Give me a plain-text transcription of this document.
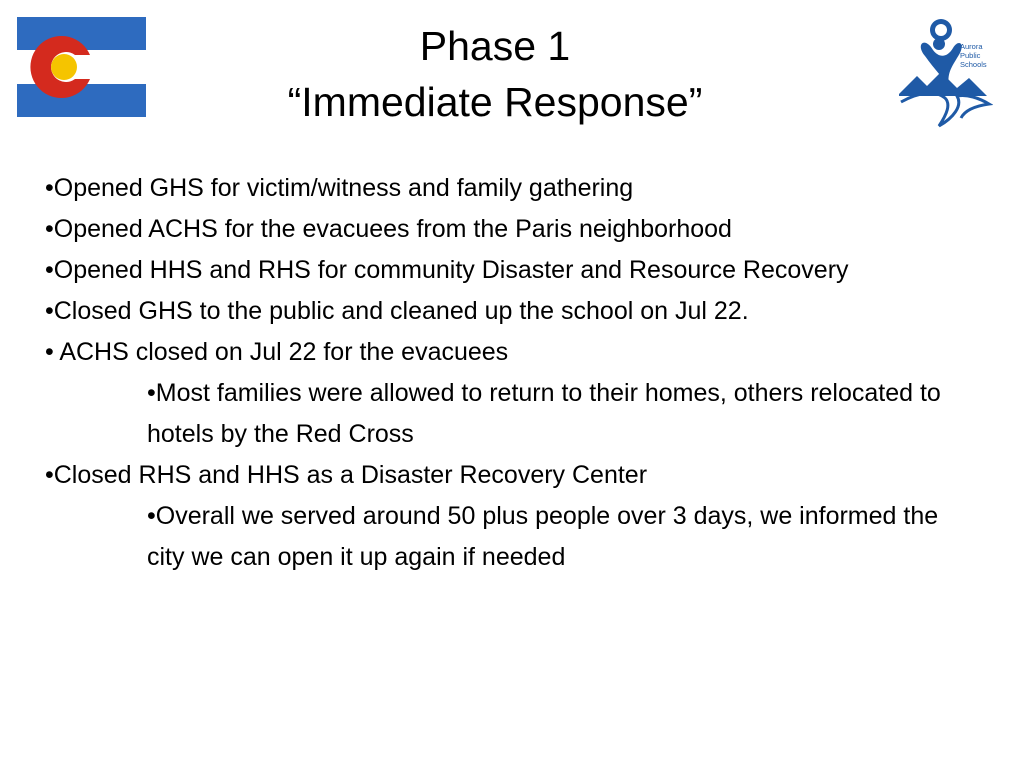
Aurora
Public
Schools
Phase 1
“Immediate Response”
•Opened GHS for victim/witness and family gathering
•Opened ACHS for the evacuees from the Paris neighborhood
•Opened HHS and RHS for community Disaster and Resource Recovery
•Closed GHS to the public and cleaned up the school on Jul 22.
• ACHS closed on Jul 22 for the evacuees
•Most families were allowed to return to their homes, others relocated to hotels by the Red Cross
•Closed RHS and HHS as a Disaster Recovery Center
•Overall we served around 50 plus people over 3 days, we informed the city we can open it up again if needed
